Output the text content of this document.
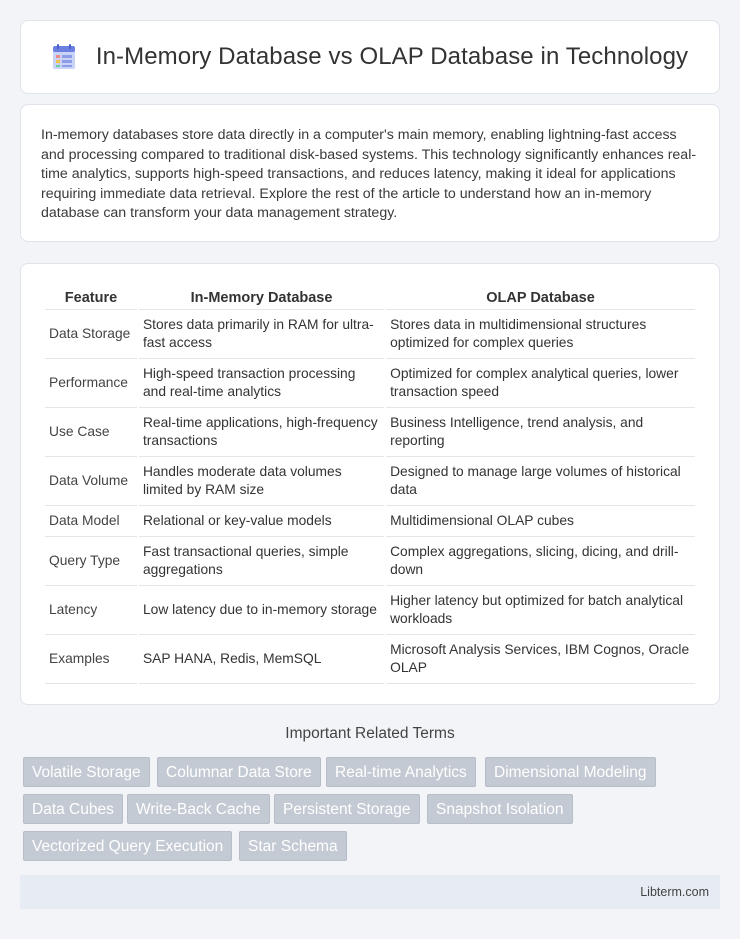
In-Memory Database vs OLAP Database in Technology

In-memory databases store data directly in a computer's main memory, enabling lightning-fast access and processing compared to traditional disk-based systems. This technology significantly enhances real-time analytics, supports high-speed transactions, and reduces latency, making it ideal for applications requiring immediate data retrieval. Explore the rest of the article to understand how an in-memory database can transform your data management strategy.

Feature	In-Memory Database	OLAP Database
Data Storage	Stores data primarily in RAM for ultra-fast access	Stores data in multidimensional structures optimized for complex queries
Performance	High-speed transaction processing and real-time analytics	Optimized for complex analytical queries, lower transaction speed
Use Case	Real-time applications, high-frequency transactions	Business Intelligence, trend analysis, and reporting
Data Volume	Handles moderate data volumes limited by RAM size	Designed to manage large volumes of historical data
Data Model	Relational or key-value models	Multidimensional OLAP cubes
Query Type	Fast transactional queries, simple aggregations	Complex aggregations, slicing, dicing, and drill-down
Latency	Low latency due to in-memory storage	Higher latency but optimized for batch analytical workloads
Examples	SAP HANA, Redis, MemSQL	Microsoft Analysis Services, IBM Cognos, Oracle OLAP
Important Related Terms
Volatile Storage	Columnar Data Store	Real-time Analytics	Dimensional Modeling
Data Cubes	Write-Back Cache	Persistent Storage	Snapshot Isolation
Vectorized Query Execution	Star Schema
Libterm.com
